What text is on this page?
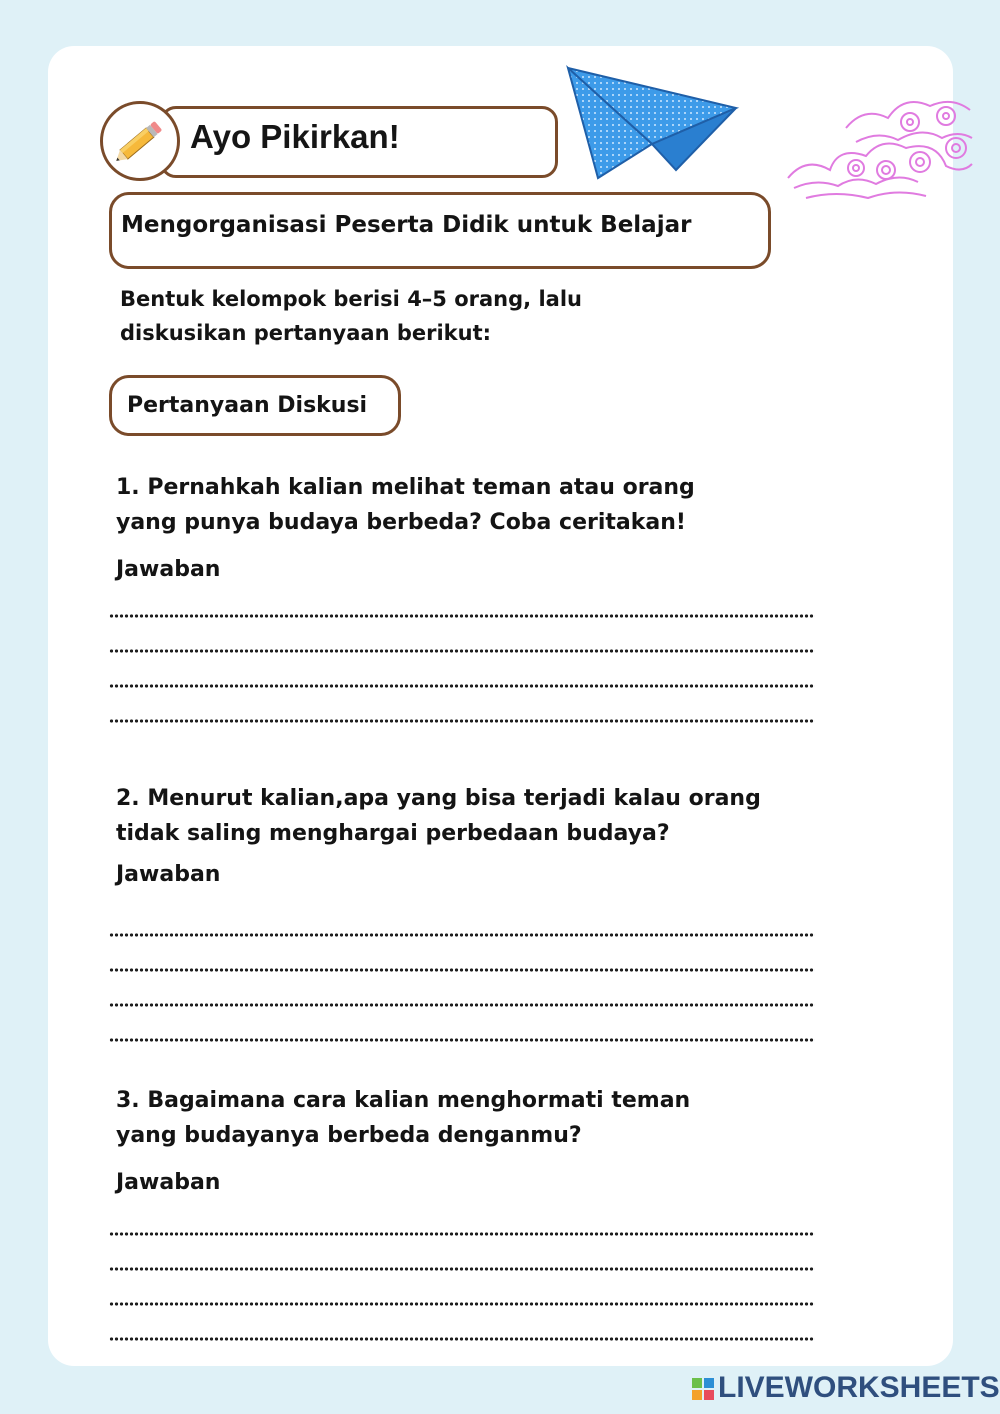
Ayo Pikirkan!
Mengorganisasi Peserta Didik untuk Belajar
Bentuk kelompok berisi 4–5 orang, lalu
diskusikan pertanyaan berikut:
Pertanyaan Diskusi
1. Pernahkah kalian melihat teman atau orang
yang punya budaya berbeda? Coba ceritakan!
Jawaban
2. Menurut kalian,apa yang bisa terjadi kalau orang
tidak saling menghargai perbedaan budaya?
Jawaban
3. Bagaimana cara kalian menghormati teman
yang budayanya berbeda denganmu?
Jawaban
LIVEWORKSHEETS
